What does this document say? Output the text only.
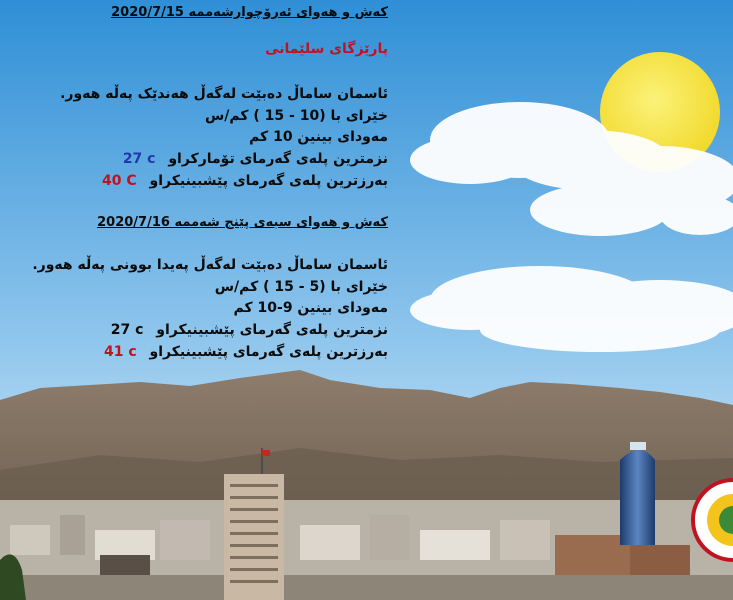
کەش و هەوای ئەرۆچوارشەممە 2020/7/15
پارێزگای سلێمانی
ئاسمان ساماڵ دەبێت لەگەڵ هەندێک پەڵە هەور.
خێرای با (10 - 15 ) کم/س
مەودای بینین 10 کم
نزمترین پلەی گەرمای تۆمارکراو 27 c
بەرزترین پلەی گەرمای پێشبینیکراو 40 C
کەش و هەوای سبەی پێنج شەممە 2020/7/16
ئاسمان ساماڵ دەبێت لەگەڵ پەیدا بوونی پەڵە هەور.
خێرای با (5 - 15 ) کم/س
مەودای بینین 9-10 کم
نزمترین پلەی گەرمای پێشبینیکراو 27 c
بەرزترین پلەی گەرمای پێشبینیکراو 41 c
